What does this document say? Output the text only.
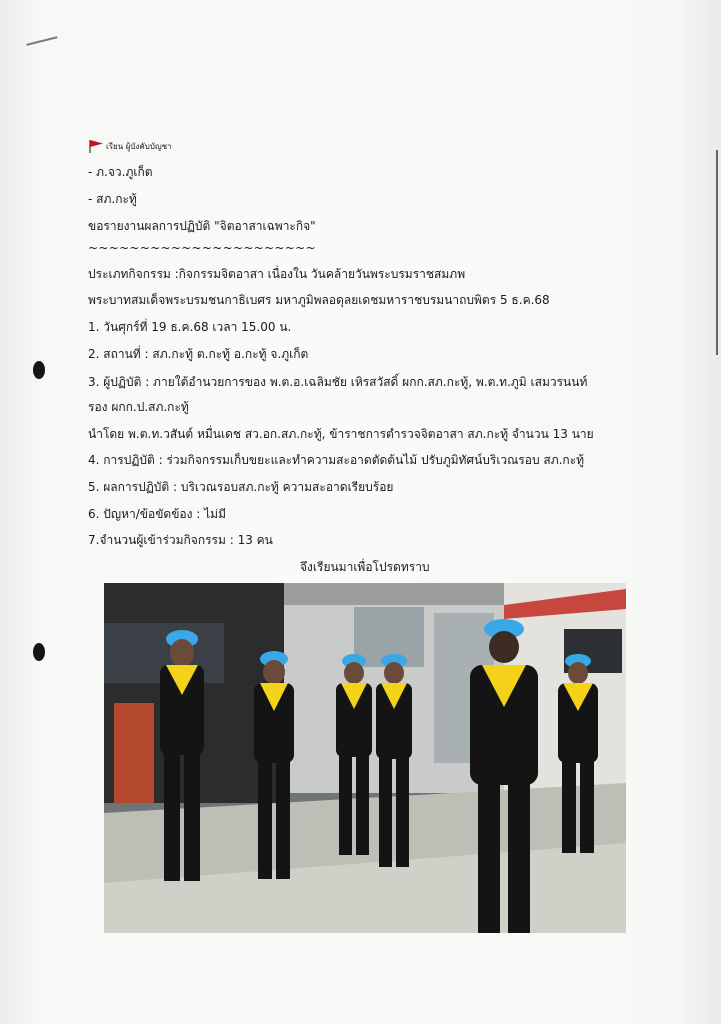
เรียน ผู้บังคับบัญชา
- ภ.จว.ภูเก็ต
- สภ.กะทู้
ขอรายงานผลการปฏิบัติ "จิตอาสาเฉพาะกิจ"
~~~~~~~~~~~~~~~~~~~~~~
ประเภทกิจกรรม :กิจกรรมจิตอาสา เนื่องใน วันคล้ายวันพระบรมราชสมภพ
พระบาทสมเด็จพระบรมชนกาธิเบศร มหาภูมิพลอดุลยเดชมหาราชบรมนาถบพิตร 5 ธ.ค.68
1. วันศุกร์ที่ 19 ธ.ค.68 เวลา 15.00 น.
2. สถานที่ : สภ.กะทู้ ต.กะทู้ อ.กะทู้ จ.ภูเก็ต
3. ผู้ปฏิบัติ : ภายใต้อำนวยการของ พ.ต.อ.เฉลิมชัย เหิรสวัสดิ์ ผกก.สภ.กะทู้, พ.ต.ท.ภูมิ เสมวรนนท์
รอง ผกก.ป.สภ.กะทู้
นำโดย พ.ต.ท.วสันต์ หมื่นเดช สว.อก.สภ.กะทู้, ข้าราชการตำรวจจิตอาสา สภ.กะทู้ จำนวน 13 นาย
4. การปฏิบัติ : ร่วมกิจกรรมเก็บขยะและทำความสะอาดตัดต้นไม้ ปรับภูมิทัศน์บริเวณรอบ สภ.กะทู้
5. ผลการปฏิบัติ : บริเวณรอบสภ.กะทู้ ความสะอาดเรียบร้อย
6. ปัญหา/ข้อขัดข้อง : ไม่มี
7.จำนวนผู้เข้าร่วมกิจกรรม : 13 คน
จึงเรียนมาเพื่อโปรดทราบ
